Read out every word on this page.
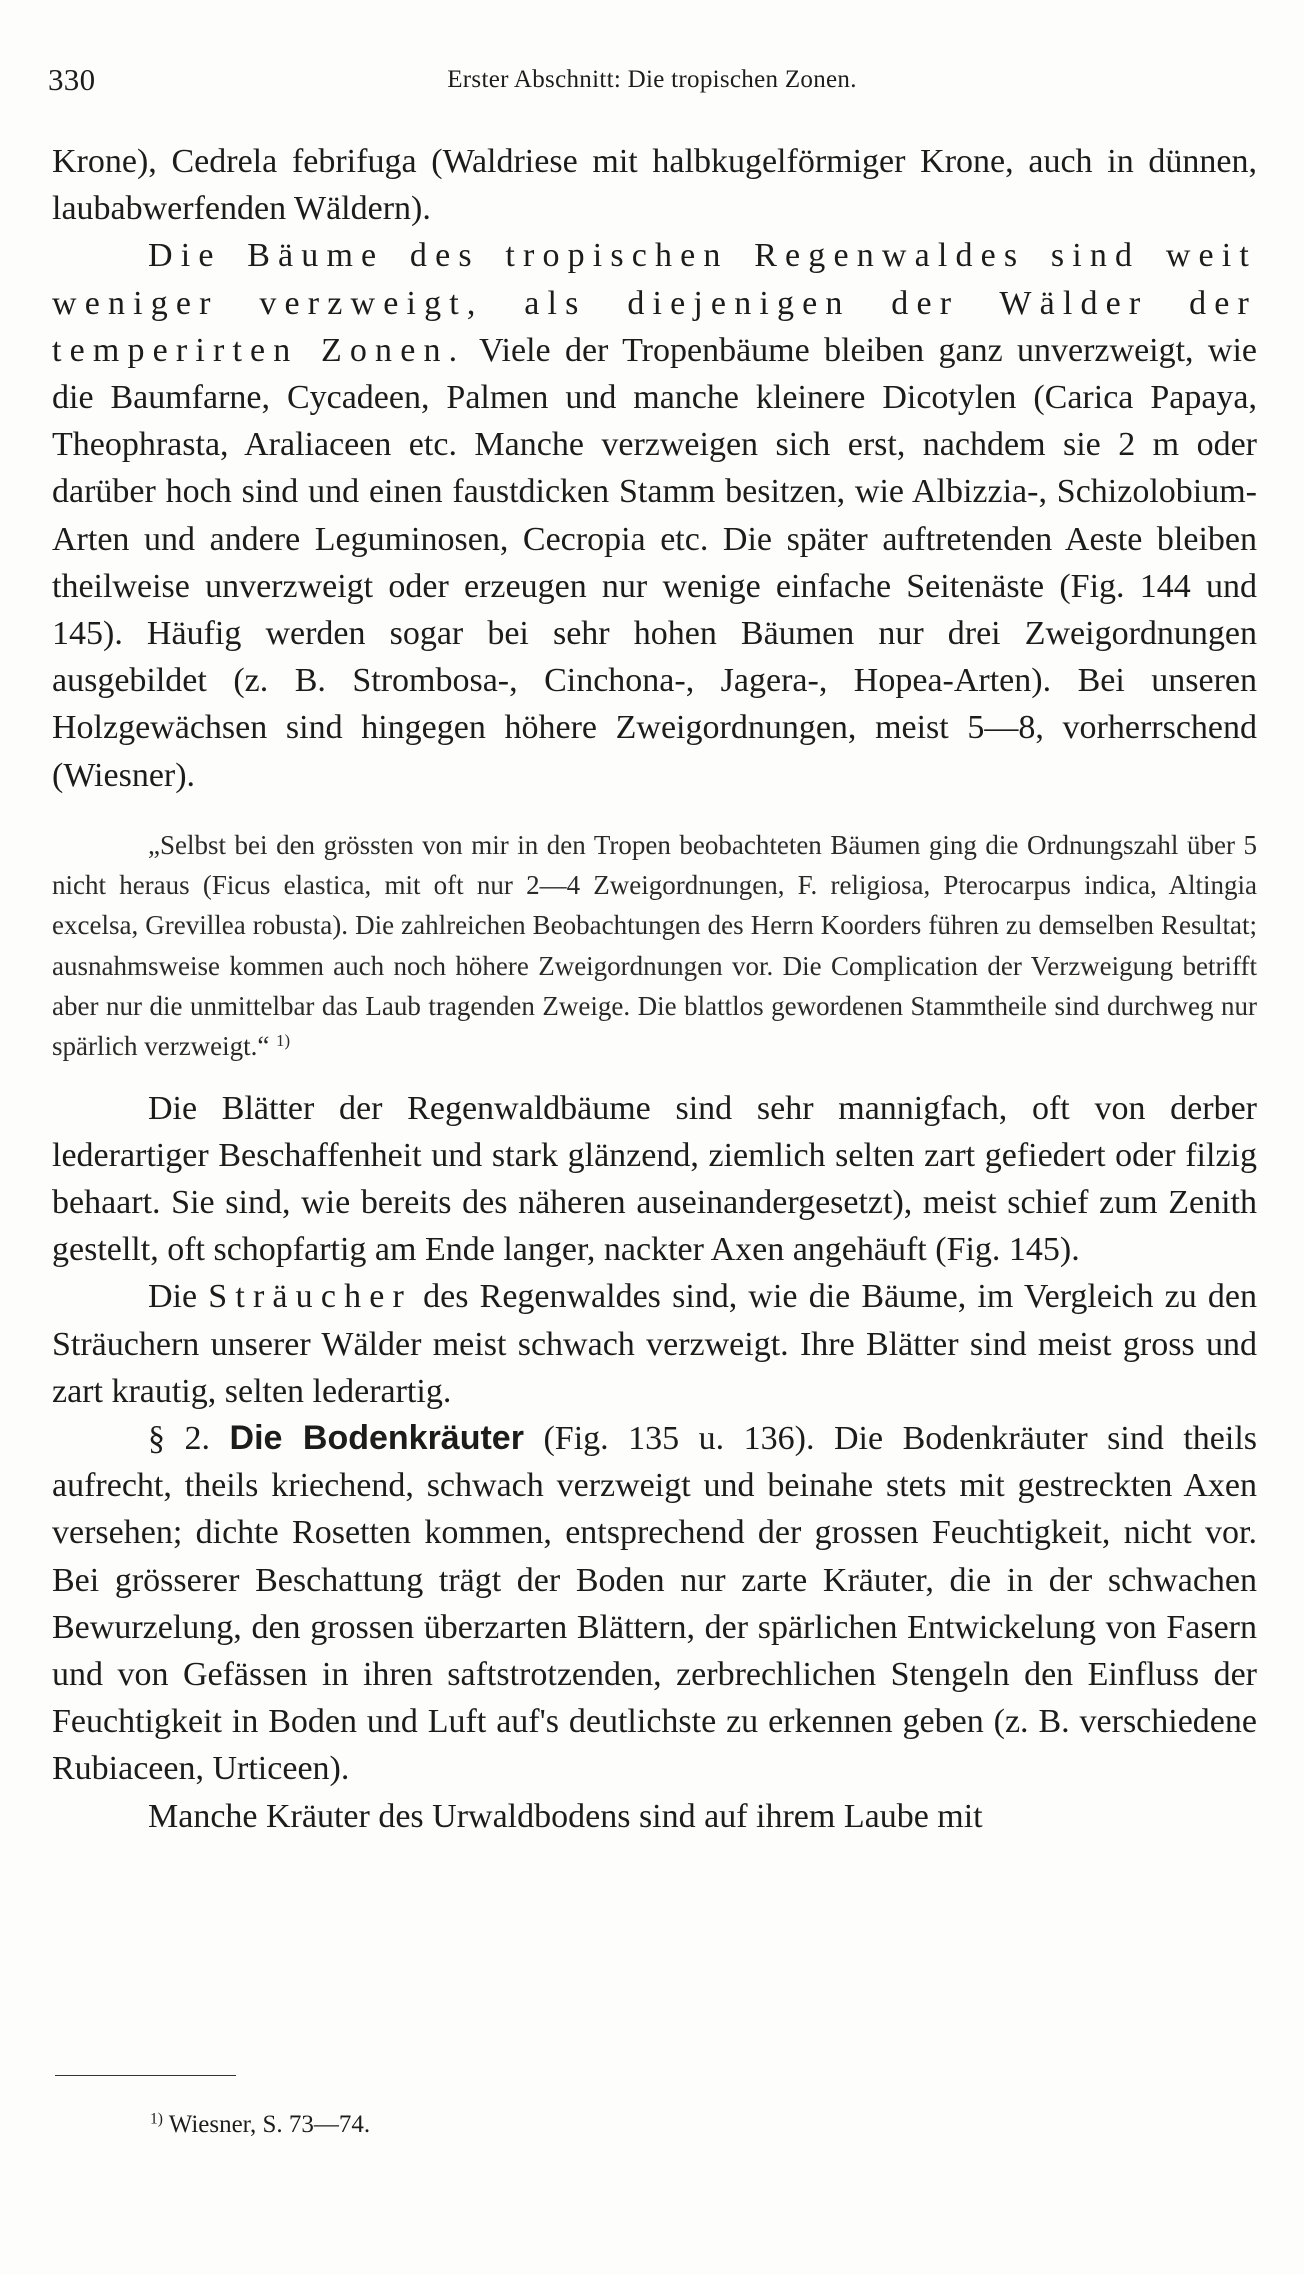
330	Erster Abschnitt: Die tropischen Zonen.

Krone), Cedrela febrifuga (Waldriese mit halbkugelförmiger Krone, auch in dünnen, laubabwerfenden Wäldern).

Die Bäume des tropischen Regenwaldes sind weit weniger verzweigt, als diejenigen der Wälder der temperirten Zonen. Viele der Tropenbäume bleiben ganz unverzweigt, wie die Baumfarne, Cycadeen, Palmen und manche kleinere Dicotylen (Carica Papaya, Theophrasta, Araliaceen etc. Manche verzweigen sich erst, nachdem sie 2 m oder darüber hoch sind und einen faustdicken Stamm besitzen, wie Albizzia-, Schizolobium-Arten und andere Leguminosen, Cecropia etc. Die später auftretenden Aeste bleiben theilweise unverzweigt oder erzeugen nur wenige einfache Seitenäste (Fig. 144 und 145). Häufig werden sogar bei sehr hohen Bäumen nur drei Zweigordnungen ausgebildet (z. B. Strombosa-, Cinchona-, Jagera-, Hopea-Arten). Bei unseren Holzgewächsen sind hingegen höhere Zweigordnungen, meist 5—8, vorherrschend (Wiesner).

„Selbst bei den grössten von mir in den Tropen beobachteten Bäumen ging die Ordnungszahl über 5 nicht heraus (Ficus elastica, mit oft nur 2—4 Zweigordnungen, F. religiosa, Pterocarpus indica, Altingia excelsa, Grevillea robusta). Die zahlreichen Beobachtungen des Herrn Koorders führen zu demselben Resultat; ausnahmsweise kommen auch noch höhere Zweigordnungen vor. Die Complication der Verzweigung betrifft aber nur die unmittelbar das Laub tragenden Zweige. Die blattlos gewordenen Stammtheile sind durchweg nur spärlich verzweigt.“ $^{1)}$

Die Blätter der Regenwaldbäume sind sehr mannigfach, oft von derber lederartiger Beschaffenheit und stark glänzend, ziemlich selten zart gefiedert oder filzig behaart. Sie sind, wie bereits des näheren auseinandergesetzt), meist schief zum Zenith gestellt, oft schopfartig am Ende langer, nackter Axen angehäuft (Fig. 145).

Die Sträucher des Regenwaldes sind, wie die Bäume, im Vergleich zu den Sträuchern unserer Wälder meist schwach verzweigt. Ihre Blätter sind meist gross und zart krautig, selten lederartig.

§ 2. Die Bodenkräuter (Fig. 135 u. 136). Die Bodenkräuter sind theils aufrecht, theils kriechend, schwach verzweigt und beinahe stets mit gestreckten Axen versehen; dichte Rosetten kommen, entsprechend der grossen Feuchtigkeit, nicht vor. Bei grösserer Beschattung trägt der Boden nur zarte Kräuter, die in der schwachen Bewurzelung, den grossen überzarten Blättern, der spärlichen Entwickelung von Fasern und von Gefässen in ihren saftstrotzenden, zerbrechlichen Stengeln den Einfluss der Feuchtigkeit in Boden und Luft auf's deutlichste zu erkennen geben (z. B. verschiedene Rubiaceen, Urticeen).

Manche Kräuter des Urwaldbodens sind auf ihrem Laube mit

$^{1)}$ Wiesner, S. 73—74.
